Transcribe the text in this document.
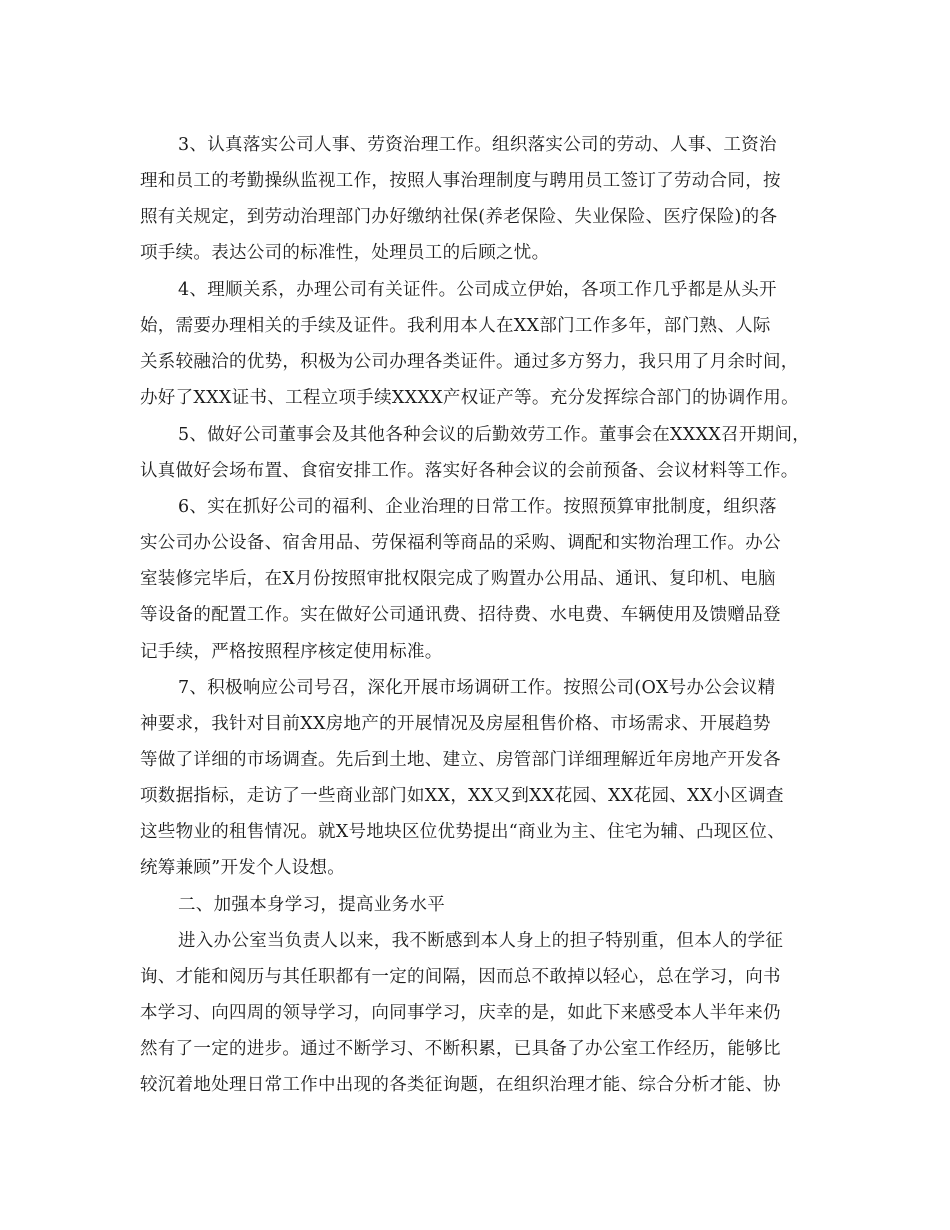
3、认真落实公司人事、劳资治理工作。组织落实公司的劳动、人事、工资治
理和员工的考勤操纵监视工作，按照人事治理制度与聘用员工签订了劳动合同，按
照有关规定，到劳动治理部门办好缴纳社保(养老保险、失业保险、医疗保险)的各
项手续。表达公司的标准性，处理员工的后顾之忧。
4、理顺关系，办理公司有关证件。公司成立伊始，各项工作几乎都是从头开
始，需要办理相关的手续及证件。我利用本人在XX部门工作多年，部门熟、人际
关系较融洽的优势，积极为公司办理各类证件。通过多方努力，我只用了月余时间，
办好了XXX证书、工程立项手续XXXX产权证产等。充分发挥综合部门的协调作用。
5、做好公司董事会及其他各种会议的后勤效劳工作。董事会在XXXX召开期间，
认真做好会场布置、食宿安排工作。落实好各种会议的会前预备、会议材料等工作。
6、实在抓好公司的福利、企业治理的日常工作。按照预算审批制度，组织落
实公司办公设备、宿舍用品、劳保福利等商品的采购、调配和实物治理工作。办公
室装修完毕后，在X月份按照审批权限完成了购置办公用品、通讯、复印机、电脑
等设备的配置工作。实在做好公司通讯费、招待费、水电费、车辆使用及馈赠品登
记手续，严格按照程序核定使用标准。
7、积极响应公司号召，深化开展市场调研工作。按照公司(OX号办公会议精
神要求，我针对目前XX房地产的开展情况及房屋租售价格、市场需求、开展趋势
等做了详细的市场调查。先后到土地、建立、房管部门详细理解近年房地产开发各
项数据指标，走访了一些商业部门如XX，XX又到XX花园、XX花园、XX小区调查
这些物业的租售情况。就X号地块区位优势提出“商业为主、住宅为辅、凸现区位、
统筹兼顾”开发个人设想。
二、加强本身学习，提高业务水平
进入办公室当负责人以来，我不断感到本人身上的担子特别重，但本人的学征
询、才能和阅历与其任职都有一定的间隔，因而总不敢掉以轻心，总在学习，向书
本学习、向四周的领导学习，向同事学习，庆幸的是，如此下来感受本人半年来仍
然有了一定的进步。通过不断学习、不断积累，已具备了办公室工作经历，能够比
较沉着地处理日常工作中出现的各类征询题，在组织治理才能、综合分析才能、协
